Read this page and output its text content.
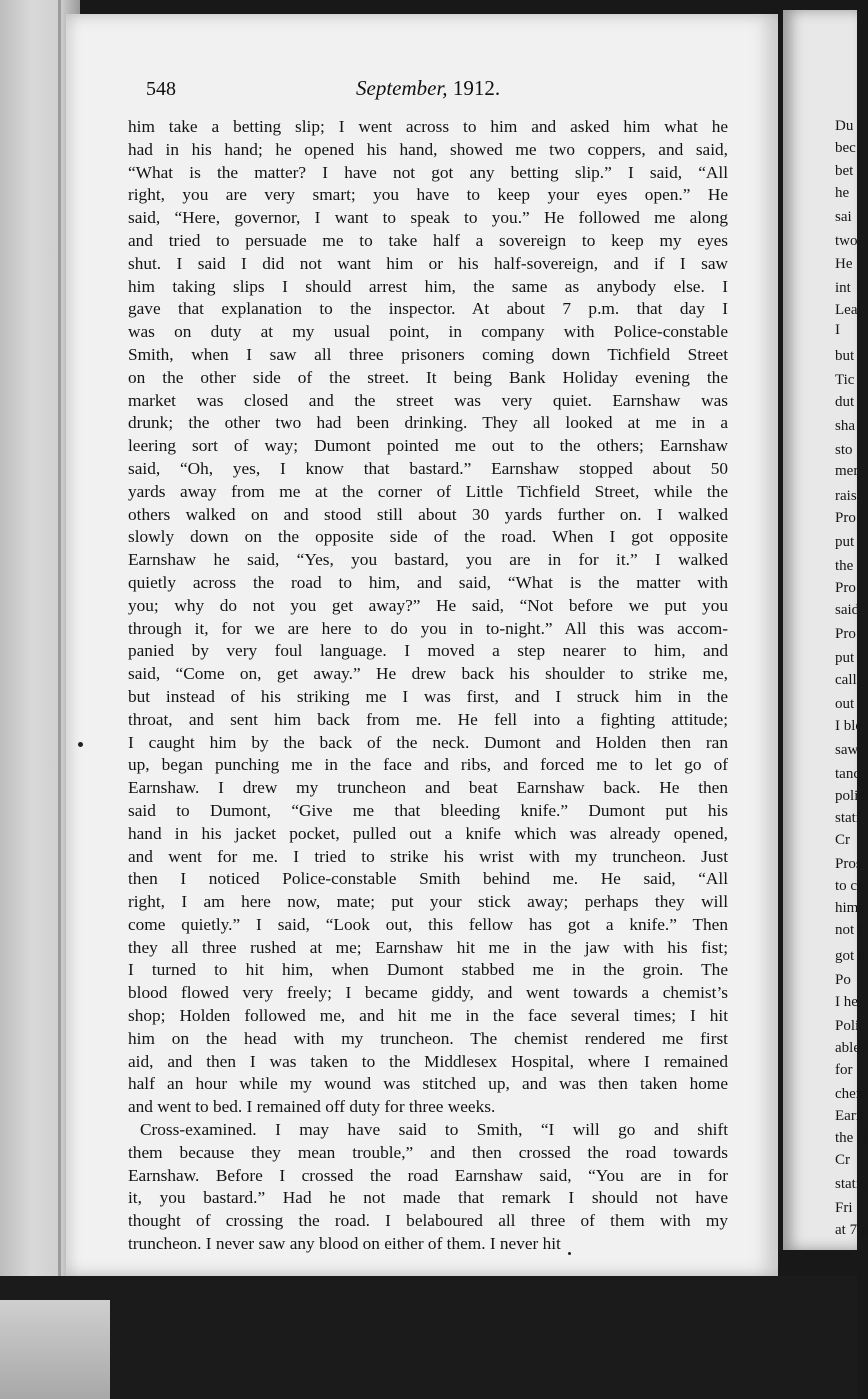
Du
bec
bet
he
sai
two
He
int
Lea
I
but
Tic
dut
sha
sto
mer
rais
Pro
put
the
Pro
said
Pro
put
call
out
I ble
saw
tanc
polic
stati
Cr
Pros
to ca
hims
not I
got h
Po
I he
Polic
able
for
chem
Earn
the cl
Cr
statio
Fri
at 7 p
548	September, 1912.
him take a betting slip; I went across to him and asked him what he
had in his hand; he opened his hand, showed me two coppers, and said,
“What is the matter? I have not got any betting slip.” I said, “All
right, you are very smart; you have to keep your eyes open.” He
said, “Here, governor, I want to speak to you.” He followed me along
and tried to persuade me to take half a sovereign to keep my eyes
shut. I said I did not want him or his half-sovereign, and if I saw
him taking slips I should arrest him, the same as anybody else. I
gave that explanation to the inspector. At about 7 p.m. that day I
was on duty at my usual point, in company with Police-constable
Smith, when I saw all three prisoners coming down Tichfield Street
on the other side of the street. It being Bank Holiday evening the
market was closed and the street was very quiet. Earnshaw was
drunk; the other two had been drinking. They all looked at me in a
leering sort of way; Dumont pointed me out to the others; Earnshaw
said, “Oh, yes, I know that bastard.” Earnshaw stopped about 50
yards away from me at the corner of Little Tichfield Street, while the
others walked on and stood still about 30 yards further on. I walked
slowly down on the opposite side of the road. When I got opposite
Earnshaw he said, “Yes, you bastard, you are in for it.” I walked
quietly across the road to him, and said, “What is the matter with
you; why do not you get away?” He said, “Not before we put you
through it, for we are here to do you in to-night.” All this was accom-
panied by very foul language. I moved a step nearer to him, and
said, “Come on, get away.” He drew back his shoulder to strike me,
but instead of his striking me I was first, and I struck him in the
throat, and sent him back from me. He fell into a fighting attitude;
I caught him by the back of the neck. Dumont and Holden then ran
up, began punching me in the face and ribs, and forced me to let go of
Earnshaw. I drew my truncheon and beat Earnshaw back. He then
said to Dumont, “Give me that bleeding knife.” Dumont put his
hand in his jacket pocket, pulled out a knife which was already opened,
and went for me. I tried to strike his wrist with my truncheon. Just
then I noticed Police-constable Smith behind me. He said, “All
right, I am here now, mate; put your stick away; perhaps they will
come quietly.” I said, “Look out, this fellow has got a knife.” Then
they all three rushed at me; Earnshaw hit me in the jaw with his fist;
I turned to hit him, when Dumont stabbed me in the groin. The
blood flowed very freely; I became giddy, and went towards a chemist’s
shop; Holden followed me, and hit me in the face several times; I hit
him on the head with my truncheon. The chemist rendered me first
aid, and then I was taken to the Middlesex Hospital, where I remained
half an hour while my wound was stitched up, and was then taken home
and went to bed. I remained off duty for three weeks.
Cross-examined. I may have said to Smith, “I will go and shift
them because they mean trouble,” and then crossed the road towards
Earnshaw. Before I crossed the road Earnshaw said, “You are in for
it, you bastard.” Had he not made that remark I should not have
thought of crossing the road. I belaboured all three of them with my
truncheon. I never saw any blood on either of them. I never hit
